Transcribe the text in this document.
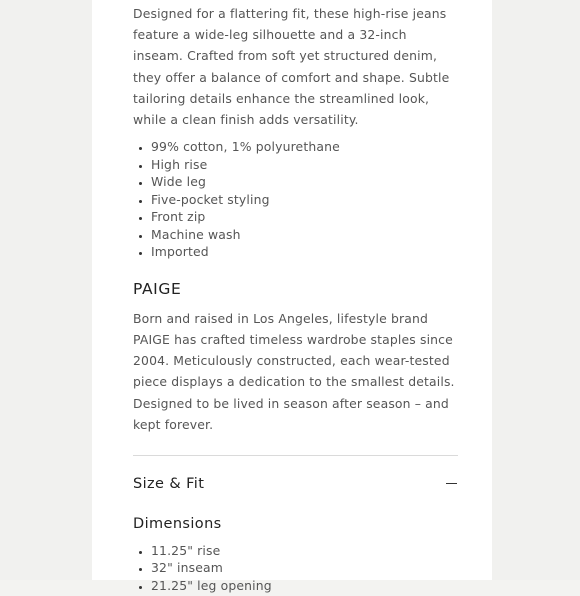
Designed for a flattering fit, these high-rise jeans feature a wide-leg silhouette and a 32-inch inseam. Crafted from soft yet structured denim, they offer a balance of comfort and shape. Subtle tailoring details enhance the streamlined look, while a clean finish adds versatility.

• 99% cotton, 1% polyurethane
• High rise
• Wide leg
• Five-pocket styling
• Front zip
• Machine wash
• Imported
PAIGE

Born and raised in Los Angeles, lifestyle brand PAIGE has crafted timeless wardrobe staples since 2004. Meticulously constructed, each wear-tested piece displays a dedication to the smallest details. Designed to be lived in season after season – and kept forever.

Size & Fit
Dimensions
• 11.25" rise
• 32" inseam
• 21.25" leg opening
